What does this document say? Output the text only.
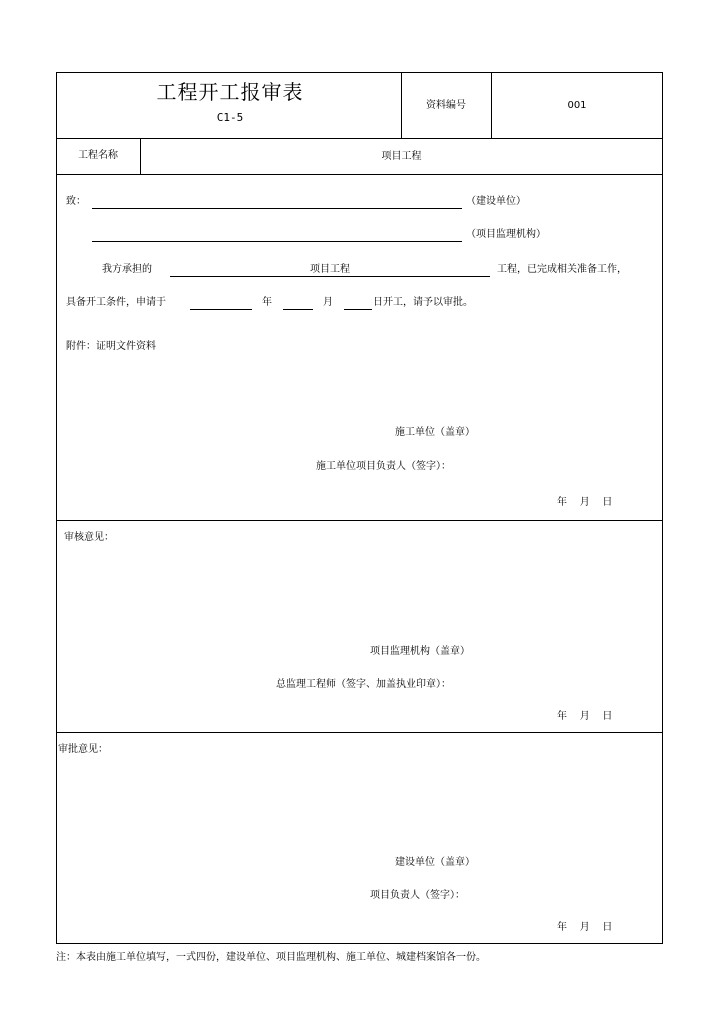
工程开工报审表
C1-5
资料编号	001
工程名称	项目工程
致：	（建设单位）
（项目监理机构）
我方承担的	项目工程	工程，已完成相关准备工作，
具备开工条件，申请于	年	月	日开工，请予以审批。
附件：证明文件资料
施工单位（盖章）
施工单位项目负责人（签字）：
年    月    日
审核意见：
项目监理机构（盖章）
总监理工程师（签字、加盖执业印章）：
年    月    日
审批意见：
建设单位（盖章）
项目负责人（签字）：
年    月    日
注：本表由施工单位填写，一式四份，建设单位、项目监理机构、施工单位、城建档案馆各一份。
